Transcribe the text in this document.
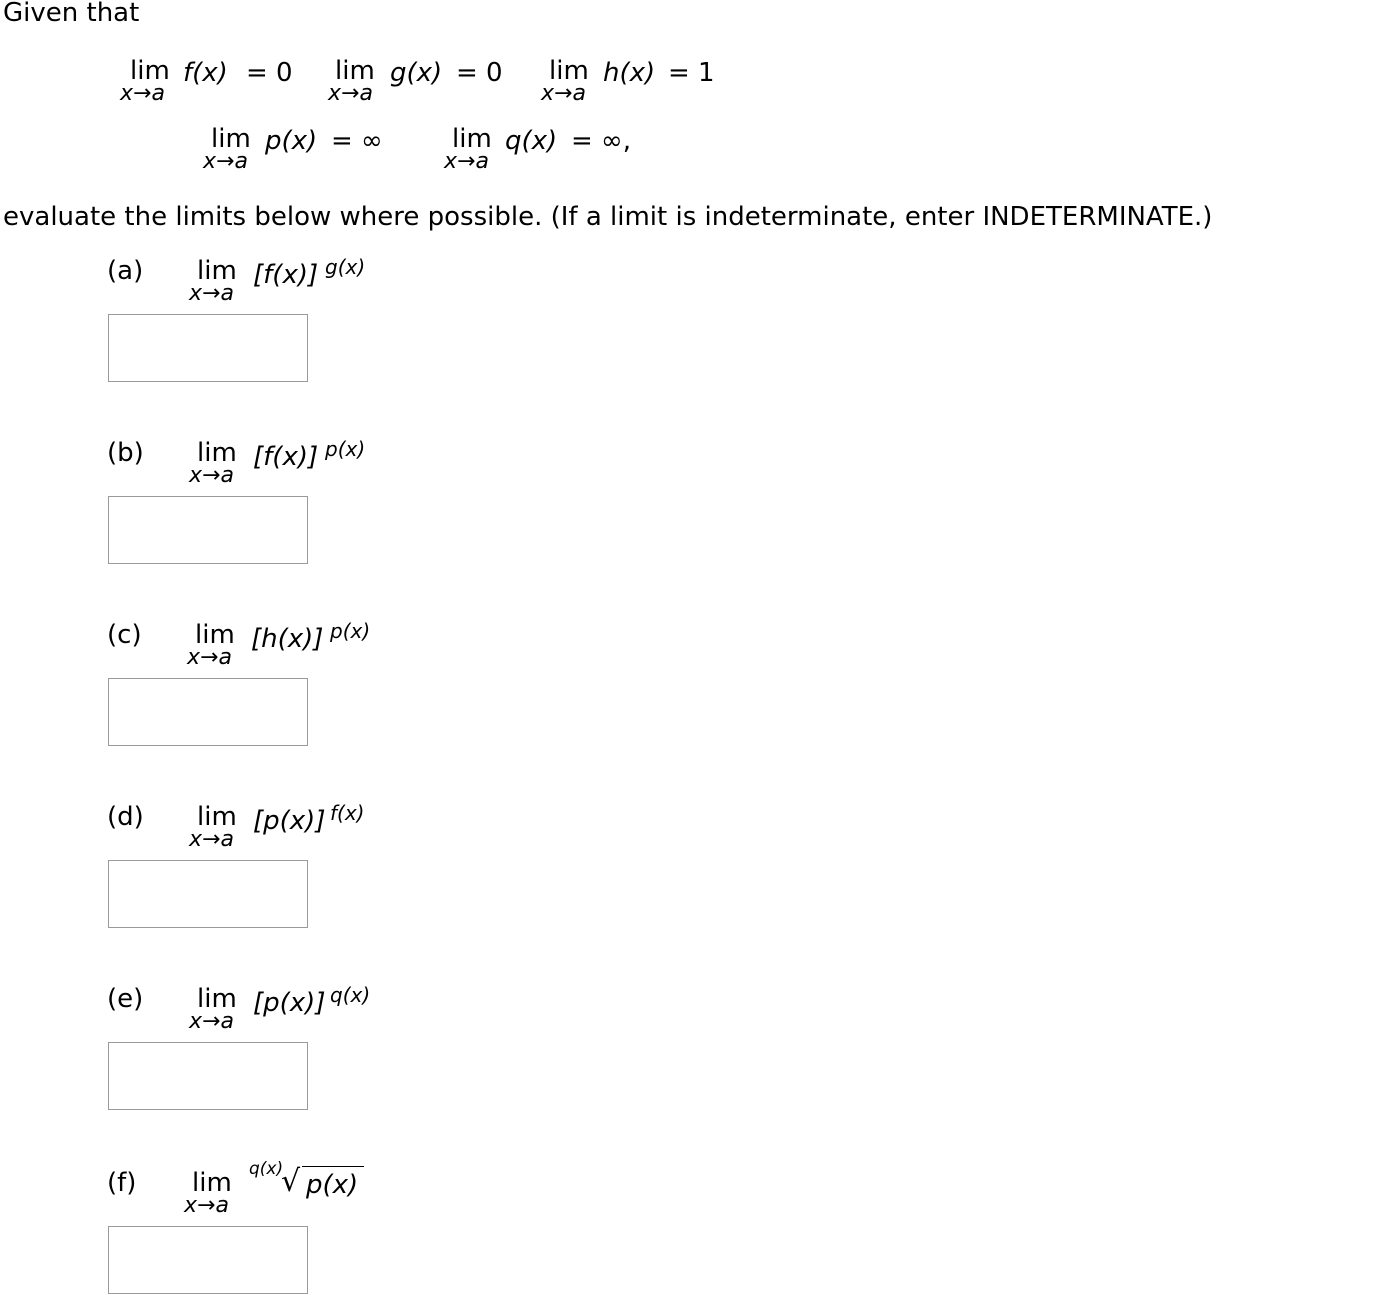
Given that
lim
x→a
f(x) = 0 lim
x→a
g(x) = 0 lim
x→a
h(x) = 1
lim
x→a
p(x) = ∞	lim
x→a
q(x) = ∞,
evaluate the limits below where possible. (If a limit is indeterminate, enter INDETERMINATE.)
(a) lim
x→a
[f(x)] g(x)
(b) lim
x→a
[f(x)] p(x)
(c) lim
x→a
[h(x)] p(x)
(d) lim
x→a
[p(x)] f(x)
(e) lim
x→a
[p(x)] q(x)
(f) lim
x→a
q(x)
√ p(x)
